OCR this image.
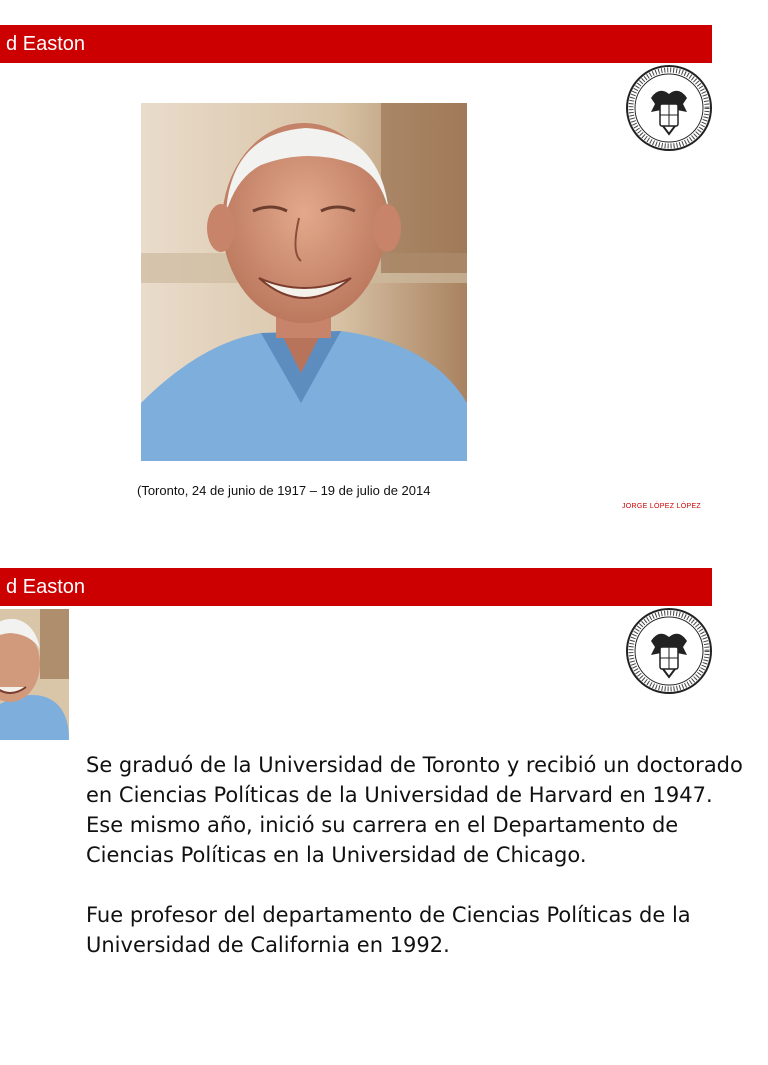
d Easton
(Toronto, 24 de junio de 1917 – 19 de julio de 2014
JORGE LÓPEZ LÓPEZ
d Easton

Se graduó de la Universidad de Toronto y recibió un doctorado en Ciencias Políticas de la Universidad de Harvard en 1947. Ese mismo año, inició su carrera en el Departamento de Ciencias Políticas en la Universidad de Chicago.

Fue profesor del departamento de Ciencias Políticas de la Universidad de California en 1992.
